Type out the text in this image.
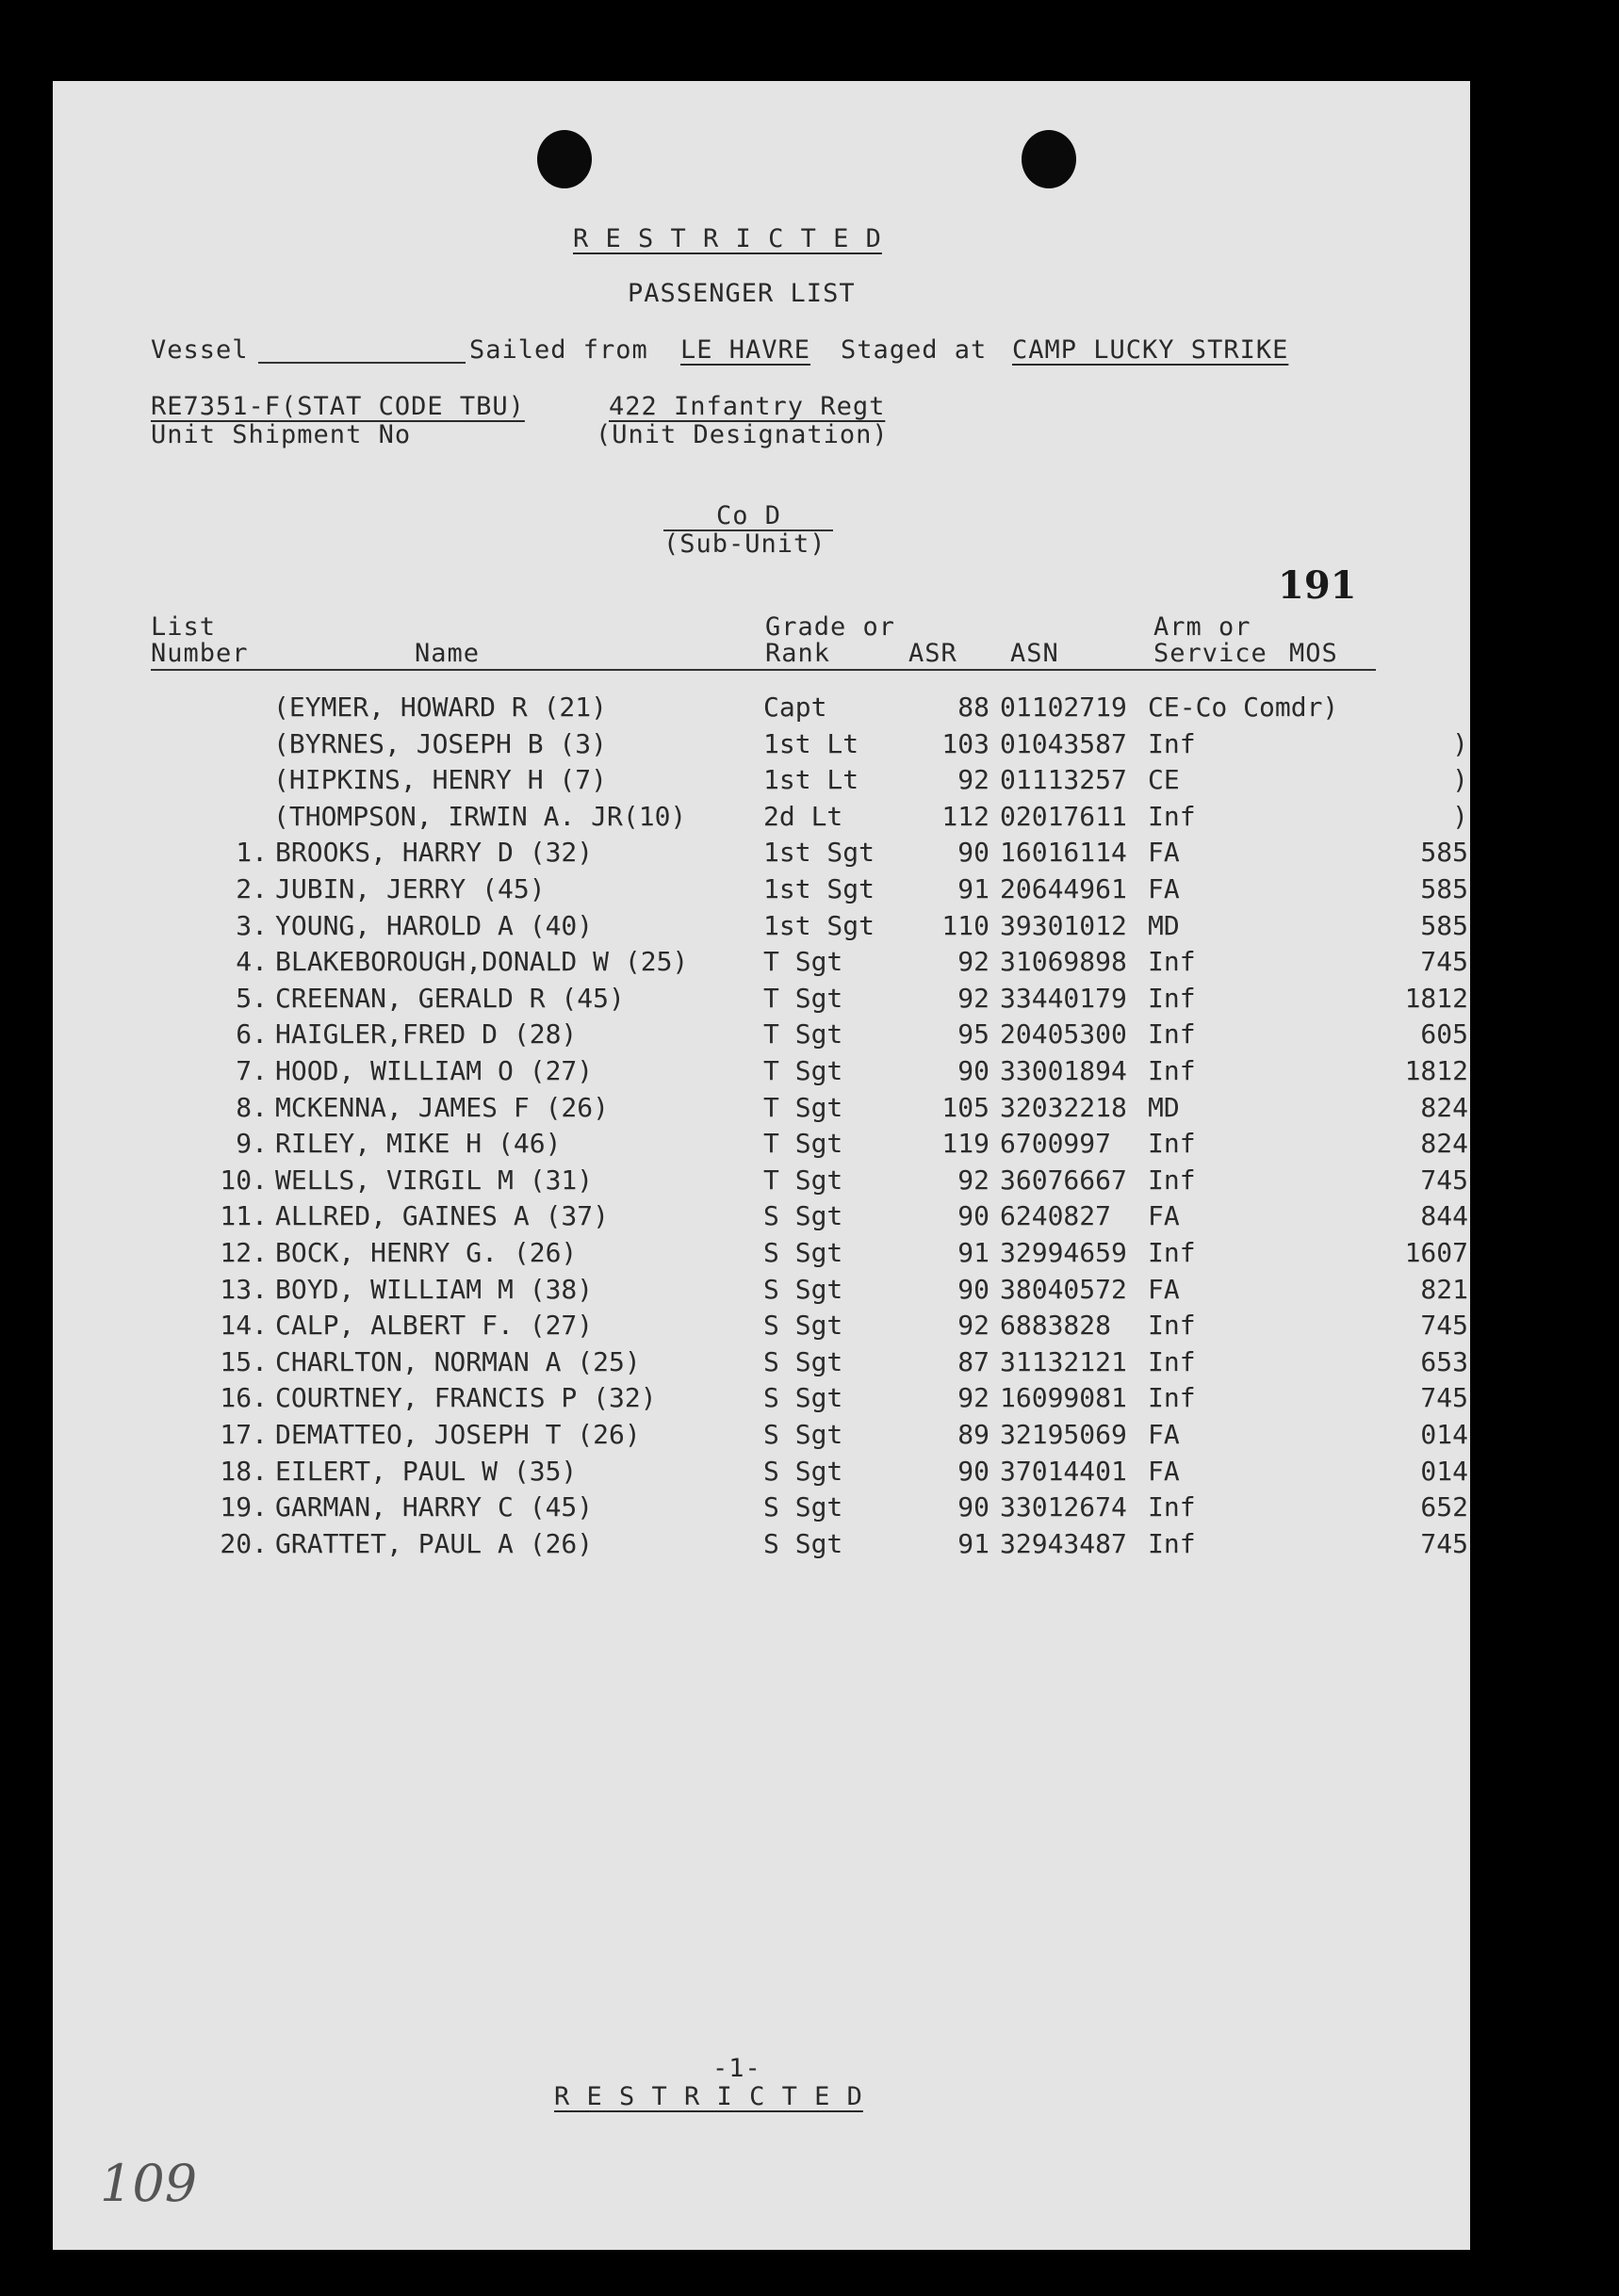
R E S T R I C T E D
PASSENGER LIST
Vessel	Sailed from LE HAVRE Staged at CAMP LUCKY STRIKE
RE7351-F(STAT CODE TBU)
Unit Shipment No
422 Infantry Regt
(Unit Designation)
Co D
(Sub-Unit)
191
List
Number	Name
Grade or
Rank	ASR ASN
Arm or
Service MOS
(EYMER, HOWARD R (21)	Capt	88 01102719 CE-Co Comdr)
(BYRNES, JOSEPH B (3)	1st Lt	103 01043587 Inf	)
(HIPKINS, HENRY H (7)	1st Lt	92 01113257 CE	)
(THOMPSON, IRWIN A. JR(10)	2d Lt	112 02017611 Inf	)
1. BROOKS, HARRY D (32)	1st Sgt	90 16016114 FA	585
2. JUBIN, JERRY (45)	1st Sgt	91 20644961 FA	585
3. YOUNG, HAROLD A (40)	1st Sgt	110 39301012 MD	585
4. BLAKEBOROUGH,DONALD W (25)	T Sgt	92 31069898 Inf	745
5. CREENAN, GERALD R (45)	T Sgt	92 33440179 Inf	1812
6. HAIGLER,FRED D (28)	T Sgt	95 20405300 Inf	605
7. HOOD, WILLIAM O (27)	T Sgt	90 33001894 Inf	1812
8. MCKENNA, JAMES F (26)	T Sgt	105 32032218 MD	824
9. RILEY, MIKE H (46)	T Sgt	119 6700997 Inf	824
10. WELLS, VIRGIL M (31)	T Sgt	92 36076667 Inf	745
11. ALLRED, GAINES A (37)	S Sgt	90 6240827 FA	844
12. BOCK, HENRY G. (26)	S Sgt	91 32994659 Inf	1607
13. BOYD, WILLIAM M (38)	S Sgt	90 38040572 FA	821
14. CALP, ALBERT F. (27)	S Sgt	92 6883828 Inf	745
15. CHARLTON, NORMAN A (25)	S Sgt	87 31132121 Inf	653
16. COURTNEY, FRANCIS P (32)	S Sgt	92 16099081 Inf	745
17. DEMATTEO, JOSEPH T (26)	S Sgt	89 32195069 FA	014
18. EILERT, PAUL W (35)	S Sgt	90 37014401 FA	014
19. GARMAN, HARRY C (45)	S Sgt	90 33012674 Inf	652
20. GRATTET, PAUL A (26)	S Sgt	91 32943487 Inf	745
-1-
R E S T R I C T E D
109
